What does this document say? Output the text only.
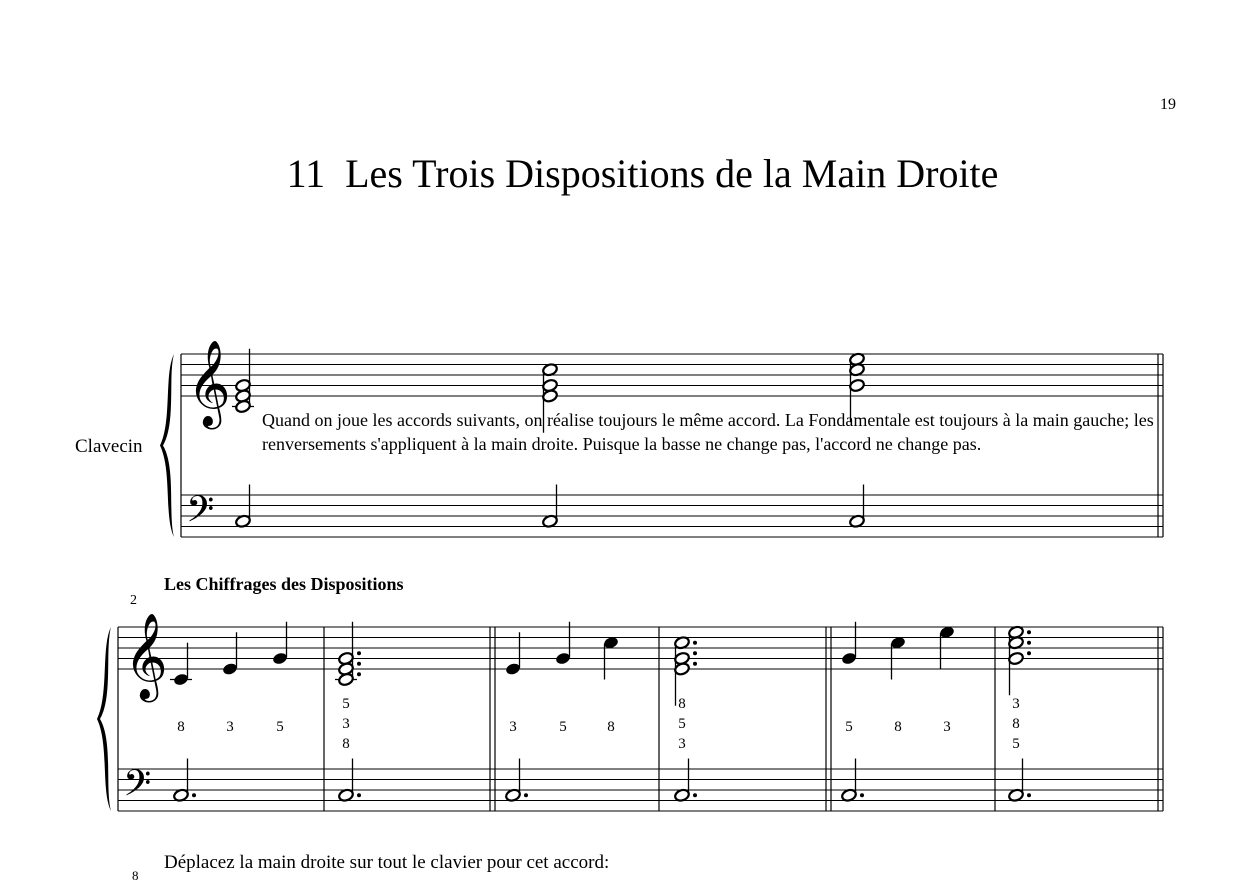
19
11  Les Trois Dispositions de la Main Droite
Clavecin
Les Chiffrages des Dispositions
2
𝄞
𝄢
𝄞
𝄢
8	3	5
5
3
8
3	5	8
8
5
3
5	8	3
3
8
5
Quand on joue les accords suivants, on réalise toujours le même accord. La Fondamentale est toujours à la main gauche; les renversements s'appliquent à la main droite. Puisque la basse ne change pas, l'accord ne change pas.
Déplacez la main droite sur tout le clavier pour cet accord:
8
